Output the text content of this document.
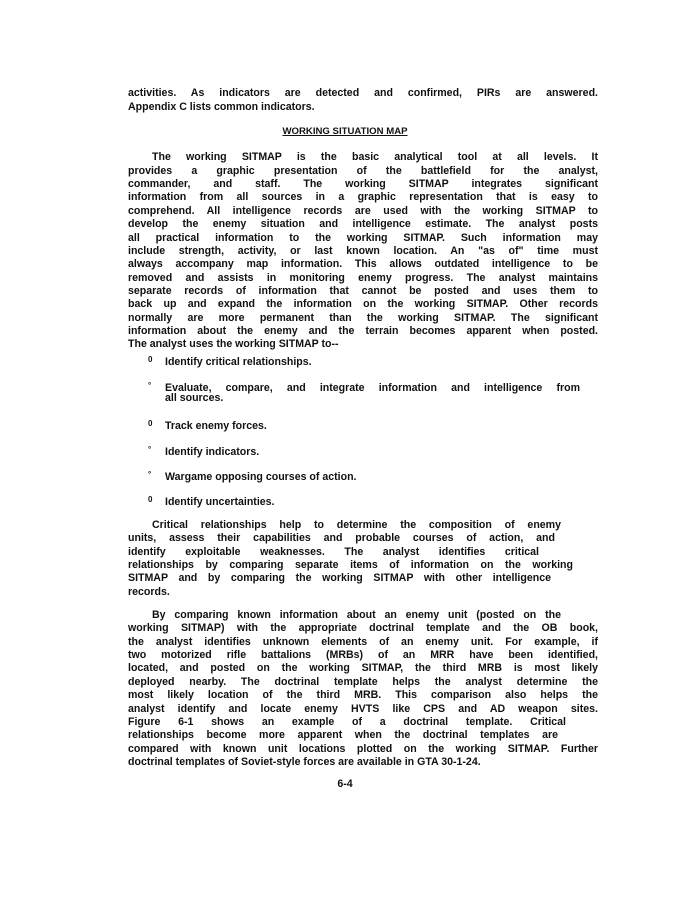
activities. As indicators are detected and confirmed, PIRs are answered.
Appendix C lists common indicators.
WORKING SITUATION MAP
The working SITMAP is the basic analytical tool at all levels. It
provides a graphic presentation of the battlefield for the analyst,
commander, and staff. The working SITMAP integrates significant
information from all sources in a graphic representation that is easy to
comprehend. All intelligence records are used with the working SITMAP to
develop the enemy situation and intelligence estimate. The analyst posts
all practical information to the working SITMAP. Such information may
include strength, activity, or last known location. An "as of" time must
always accompany map information. This allows outdated intelligence to be
removed and assists in monitoring enemy progress. The analyst maintains
separate records of information that cannot be posted and uses them to
back up and expand the information on the working SITMAP. Other records
normally are more permanent than the working SITMAP. The significant
information about the enemy and the terrain becomes apparent when posted.
The analyst uses the working SITMAP to--
0 Identify critical relationships.
° Evaluate, compare, and integrate information and intelligence from
all sources.
0 Track enemy forces.
° Identify indicators.
° Wargame opposing courses of action.
0 Identify uncertainties.
Critical relationships help to determine the composition of enemy
units, assess their capabilities and probable courses of action, and
identify exploitable weaknesses. The analyst identifies critical
relationships by comparing separate items of information on the working
SITMAP and by comparing the working SITMAP with other intelligence
records.
By comparing known information about an enemy unit (posted on the
working SITMAP) with the appropriate doctrinal template and the OB book,
the analyst identifies unknown elements of an enemy unit. For example, if
two motorized rifle battalions (MRBs) of an MRR have been identified,
located, and posted on the working SITMAP, the third MRB is most likely
deployed nearby. The doctrinal template helps the analyst determine the
most likely location of the third MRB. This comparison also helps the
analyst identify and locate enemy HVTS like CPS and AD weapon sites.
Figure 6-1 shows an example of a doctrinal template. Critical
relationships become more apparent when the doctrinal templates are
compared with known unit locations plotted on the working SITMAP. Further
doctrinal templates of Soviet-style forces are available in GTA 30-1-24.
6-4
